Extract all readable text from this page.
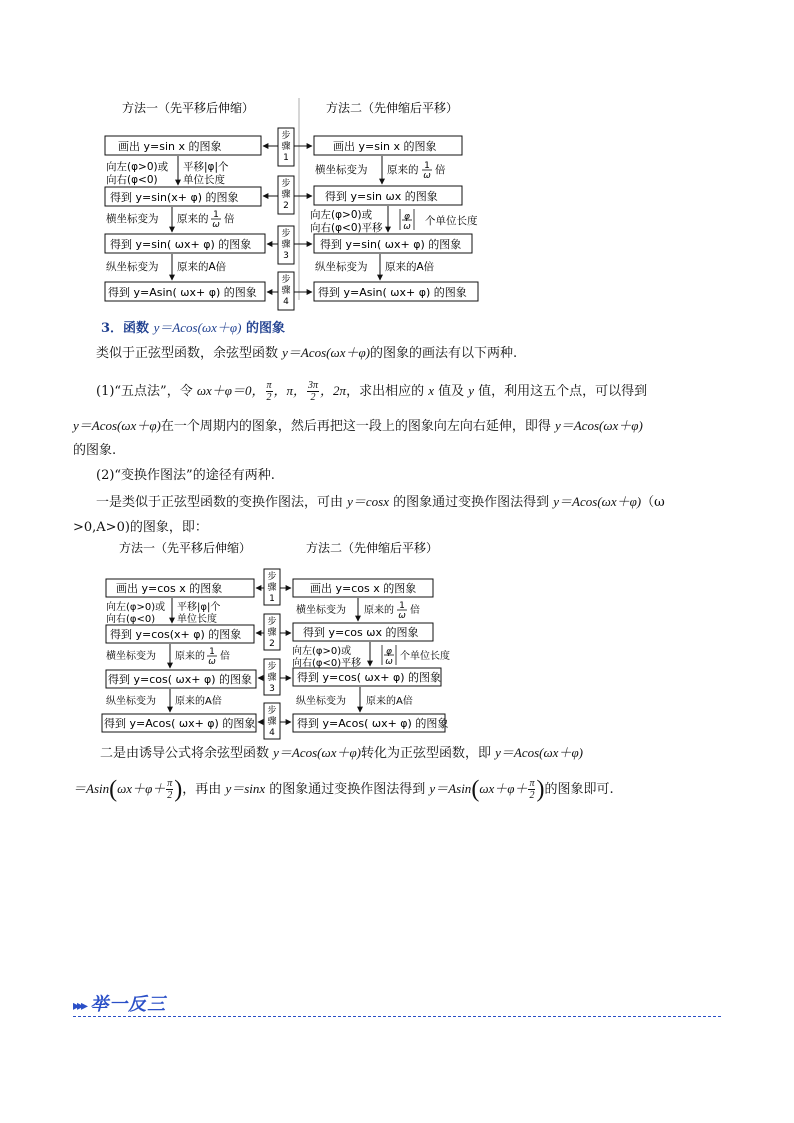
方法一（先平移后伸缩）	方法二（先伸缩后平移）
画出 y=sin x 的图象
得到 y=sin(x+ φ) 的图象
得到 y=sin( ωx+ φ) 的图象
得到 y=Asin( ωx+ φ) 的图象
画出 y=sin x 的图象
得到 y=sin ωx 的图象
得到 y=sin( ωx+ φ) 的图象
得到 y=Asin( ωx+ φ) 的图象
步骤 1
步骤 2
步骤 3
步骤 4
向左(φ>0)或
向右(φ<0)
平移|φ|个
单位长度
横坐标变为 原来的 1 ω 倍
纵坐标变为 原来的A倍
横坐标变为 原来的 1 ω 倍
向左(φ>0)或
向右(φ<0)平移
φ ω 个单位长度
纵坐标变为 原来的A倍
3．函数 y＝Acos(ωx＋φ) 的图象
类似于正弦型函数，余弦型函数 y＝Acos(ωx＋φ)的图象的画法有以下两种.
(1)“五点法”，令 ωx＋φ＝0， $\frac{\pi}{2}$ ，π， $\frac{3\pi}{2}$ ，2π，求出相应的 x 值及 y 值，利用这五个点，可以得到
y＝Acos(ωx＋φ)在一个周期内的图象，然后再把这一段上的图象向左向右延伸，即得 y＝Acos(ωx＋φ)
的图象.
(2)“变换作图法”的途径有两种.
一是类似于正弦型函数的变换作图法，可由 y＝cosx 的图象通过变换作图法得到 y＝Acos(ωx＋φ)（ω
>0,A>0)的图象，即：
方法一（先平移后伸缩）	方法二（先伸缩后平移）
画出 y=cos x 的图象
得到 y=cos(x+ φ) 的图象
得到 y=cos( ωx+ φ) 的图象
得到 y=Acos( ωx+ φ) 的图象
画出 y=cos x 的图象
得到 y=cos ωx 的图象
得到 y=cos( ωx+ φ) 的图象
得到 y=Acos( ωx+ φ) 的图象
步骤 1
步骤 2
步骤 3
步骤 4
向左(φ>0)或
向右(φ<0)
平移|φ|个
单位长度
横坐标变为 原来的 1 ω 倍
纵坐标变为 原来的A倍
横坐标变为 原来的 1 ω 倍
向左(φ>0)或
向右(φ<0)平移
φ ω 个单位长度
纵坐标变为 原来的A倍
二是由诱导公式将余弦型函数 y＝Acos(ωx＋φ)转化为正弦型函数，即 y＝Acos(ωx＋φ)
$=Asin(\omega x+\varphi+ \frac{\pi}{2}$ )，再由 y＝sinx 的图象通过变换作图法得到 $y=Asin(\omega x+\varphi+ \frac{\pi}{2}$ )的图象即可.
▸▸▸ 举一反三
